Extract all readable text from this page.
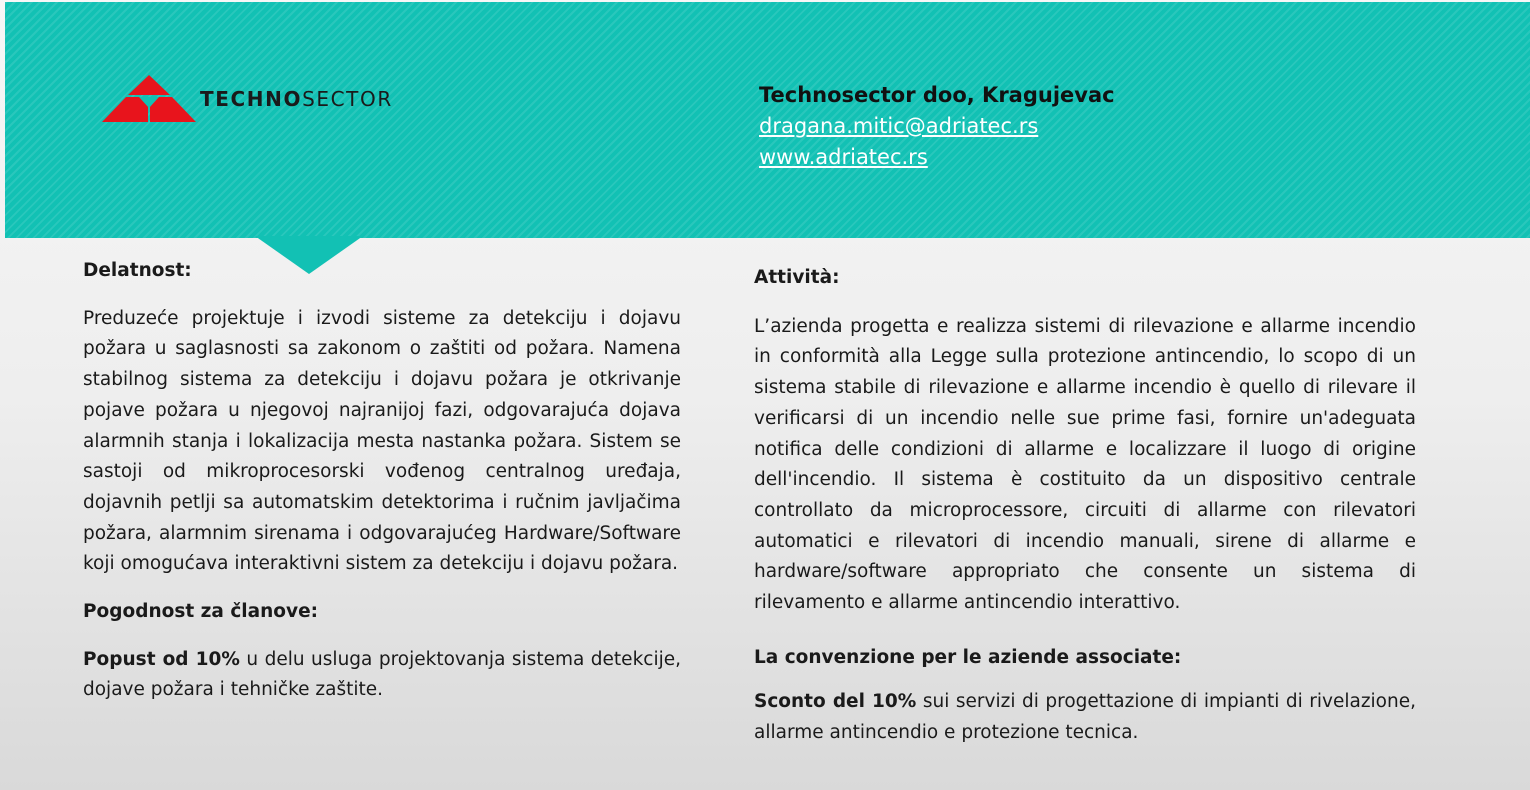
TECHNOSECTOR	Technosector doo, Kragujevac
dragana.mitic@adriatec.rs
www.adriatec.rs

Delatnost:

Preduzeće projektuje i izvodi sisteme za detekciju i dojavu požara u saglasnosti sa zakonom o zaštiti od požara. Namena stabilnog sistema za detekciju i dojavu požara je otkrivanje pojave požara u njegovoj najranijoj fazi, odgovarajuća dojava alarmnih stanja i lokalizacija mesta nastanka požara. Sistem se sastoji od mikroprocesorski vođenog centralnog uređaja, dojavnih petlji sa automatskim detektorima i ručnim javljačima požara, alarmnim sirenama i odgovarajućeg Hardware/Software koji omogućava interaktivni sistem za detekciju i dojavu požara.

Pogodnost za članove:

Popust od 10% u delu usluga projektovanja sistema detekcije, dojave požara i tehničke zaštite.

Attività:

L’azienda progetta e realizza sistemi di rilevazione e allarme incendio in conformità alla Legge sulla protezione antincendio, lo scopo di un sistema stabile di rilevazione e allarme incendio è quello di rilevare il verificarsi di un incendio nelle sue prime fasi, fornire un'adeguata notifica delle condizioni di allarme e localizzare il luogo di origine dell'incendio. Il sistema è costituito da un dispositivo centrale controllato da microprocessore, circuiti di allarme con rilevatori automatici e rilevatori di incendio manuali, sirene di allarme e hardware/software appropriato che consente un sistema di rilevamento e allarme antincendio interattivo.

La convenzione per le aziende associate:

Sconto del 10% sui servizi di progettazione di impianti di rivelazione, allarme antincendio e protezione tecnica.
